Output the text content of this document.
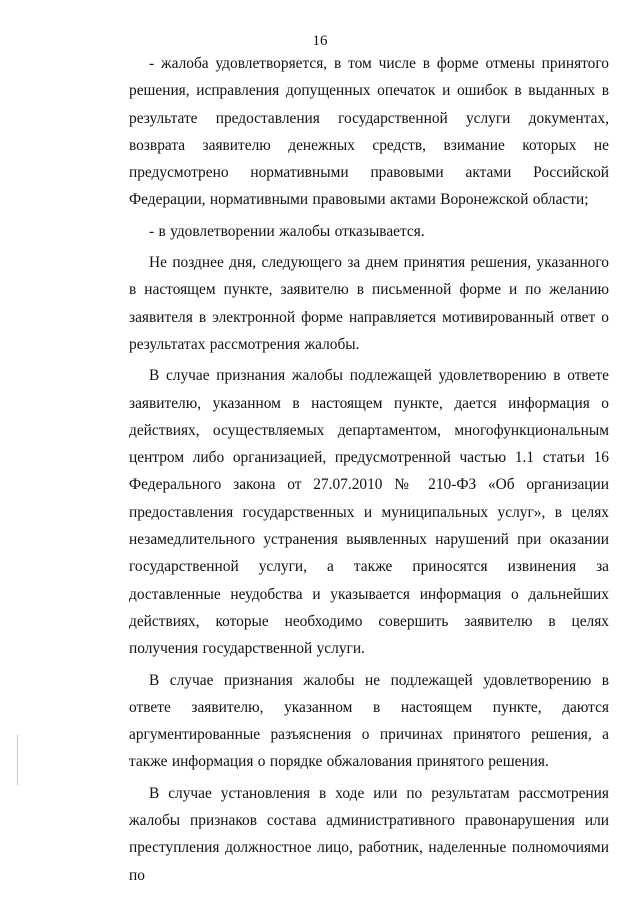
16

- жалоба удовлетворяется, в том числе в форме отмены принятого решения, исправления допущенных опечаток и ошибок в выданных в результате предоставления государственной услуги документах, возврата заявителю денежных средств, взимание которых не предусмотрено нормативными правовыми актами Российской Федерации, нормативными правовыми актами Воронежской области;

- в удовлетворении жалобы отказывается.

Не позднее дня, следующего за днем принятия решения, указанного в настоящем пункте, заявителю в письменной форме и по желанию заявителя в электронной форме направляется мотивированный ответ о результатах рассмотрения жалобы.

В случае признания жалобы подлежащей удовлетворению в ответе заявителю, указанном в настоящем пункте, дается информация о действиях, осуществляемых департаментом, многофункциональным центром либо организацией, предусмотренной частью 1.1 статьи 16 Федерального закона от 27.07.2010 № 210-ФЗ «Об организации предоставления государственных и муниципальных услуг», в целях незамедлительного устранения выявленных нарушений при оказании государственной услуги, а также приносятся извинения за доставленные неудобства и указывается информация о дальнейших действиях, которые необходимо совершить заявителю в целях получения государственной услуги.

В случае признания жалобы не подлежащей удовлетворению в ответе заявителю, указанном в настоящем пункте, даются аргументированные разъяснения о причинах принятого решения, а также информация о порядке обжалования принятого решения.

В случае установления в ходе или по результатам рассмотрения жалобы признаков состава административного правонарушения или преступления должностное лицо, работник, наделенные полномочиями по
